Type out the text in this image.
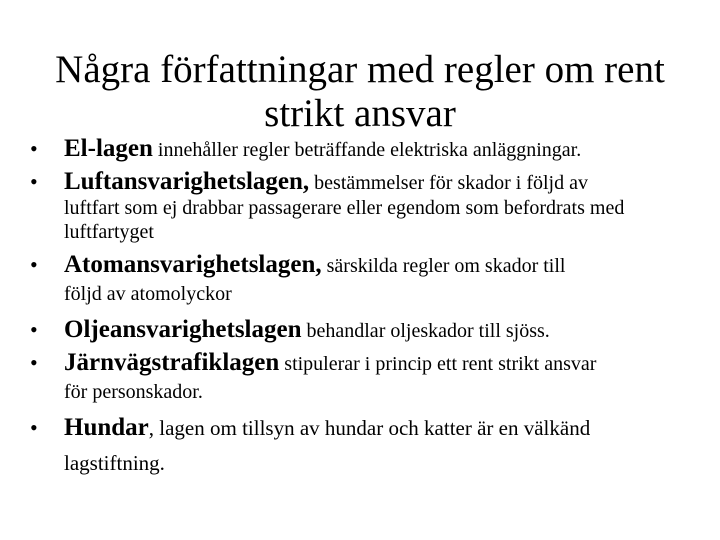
Några författningar med regler om rent
strikt ansvar
• El-lagen innehåller regler beträffande elektriska anläggningar.
• Luftansvarighetslagen, bestämmelser för skador i följd av
luftfart som ej drabbar passagerare eller egendom som befordrats med luftfartyget
• Atomansvarighetslagen, särskilda regler om skador till
följd av atomolyckor
• Oljeansvarighetslagen behandlar oljeskador till sjöss.
• Järnvägstrafiklagen stipulerar i princip ett rent strikt ansvar
för personskador.
• Hundar, lagen om tillsyn av hundar och katter är en välkänd
lagstiftning.
